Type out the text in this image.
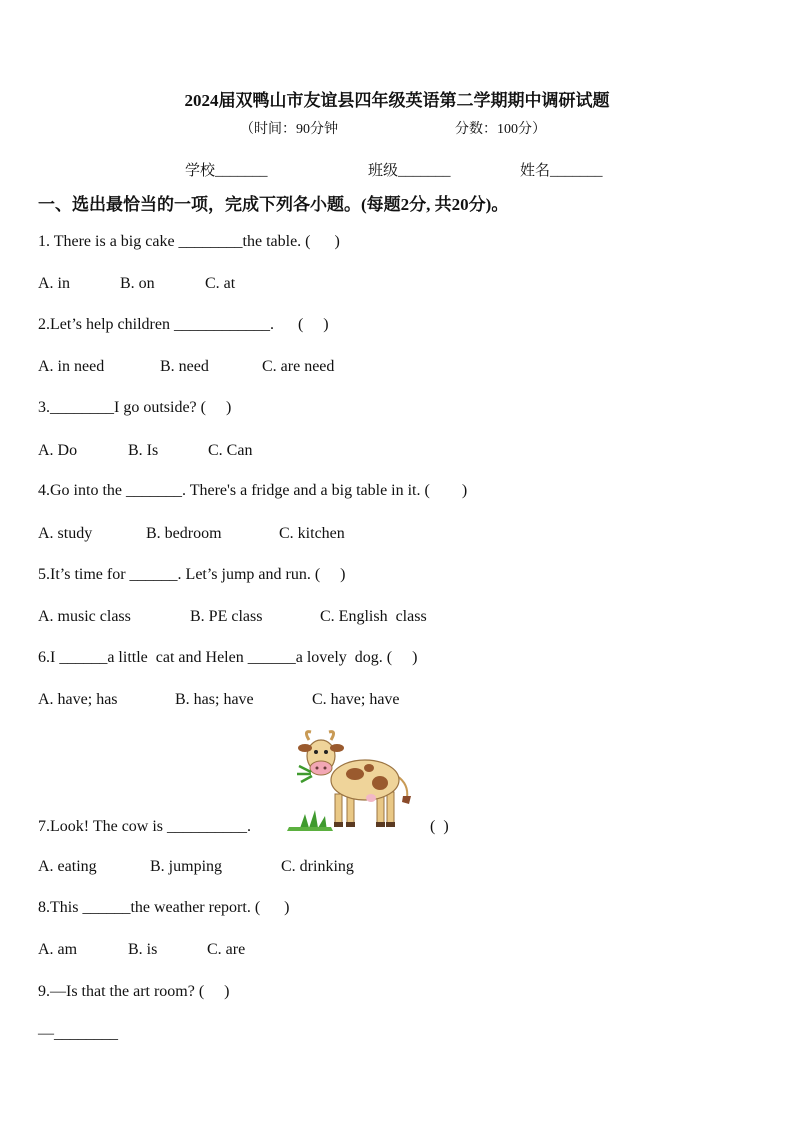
2024届双鸭山市友谊县四年级英语第二学期期中调研试题
（时间：90分钟	分数：100分）
学校_______	班级_______	姓名_______
一、选出最恰当的一项，完成下列各小题。(每题2分, 共20分)。
1. There is a big cake ________the table. (      )
A. in	B. on	C. at
2.Let’s help children ____________.      (     )
A. in need	B. need	C. are need
3.________I go outside? (     )
A. Do	B. Is	C. Can
4.Go into the _______. There's a fridge and a big table in it. (        )
A. study	B. bedroom	C. kitchen
5.It’s time for ______. Let’s jump and run. (     )
A. music class	B. PE class	C. English  class
6.I ______a little  cat and Helen ______a lovely  dog. (     )
A. have; has	B. has; have	C. have; have
7.Look! The cow is __________.	(  )
A. eating	B. jumping	C. drinking
8.This ______the weather report. (      )
A. am	B. is	C. are
9.—Is that the art room? (     )
—________
